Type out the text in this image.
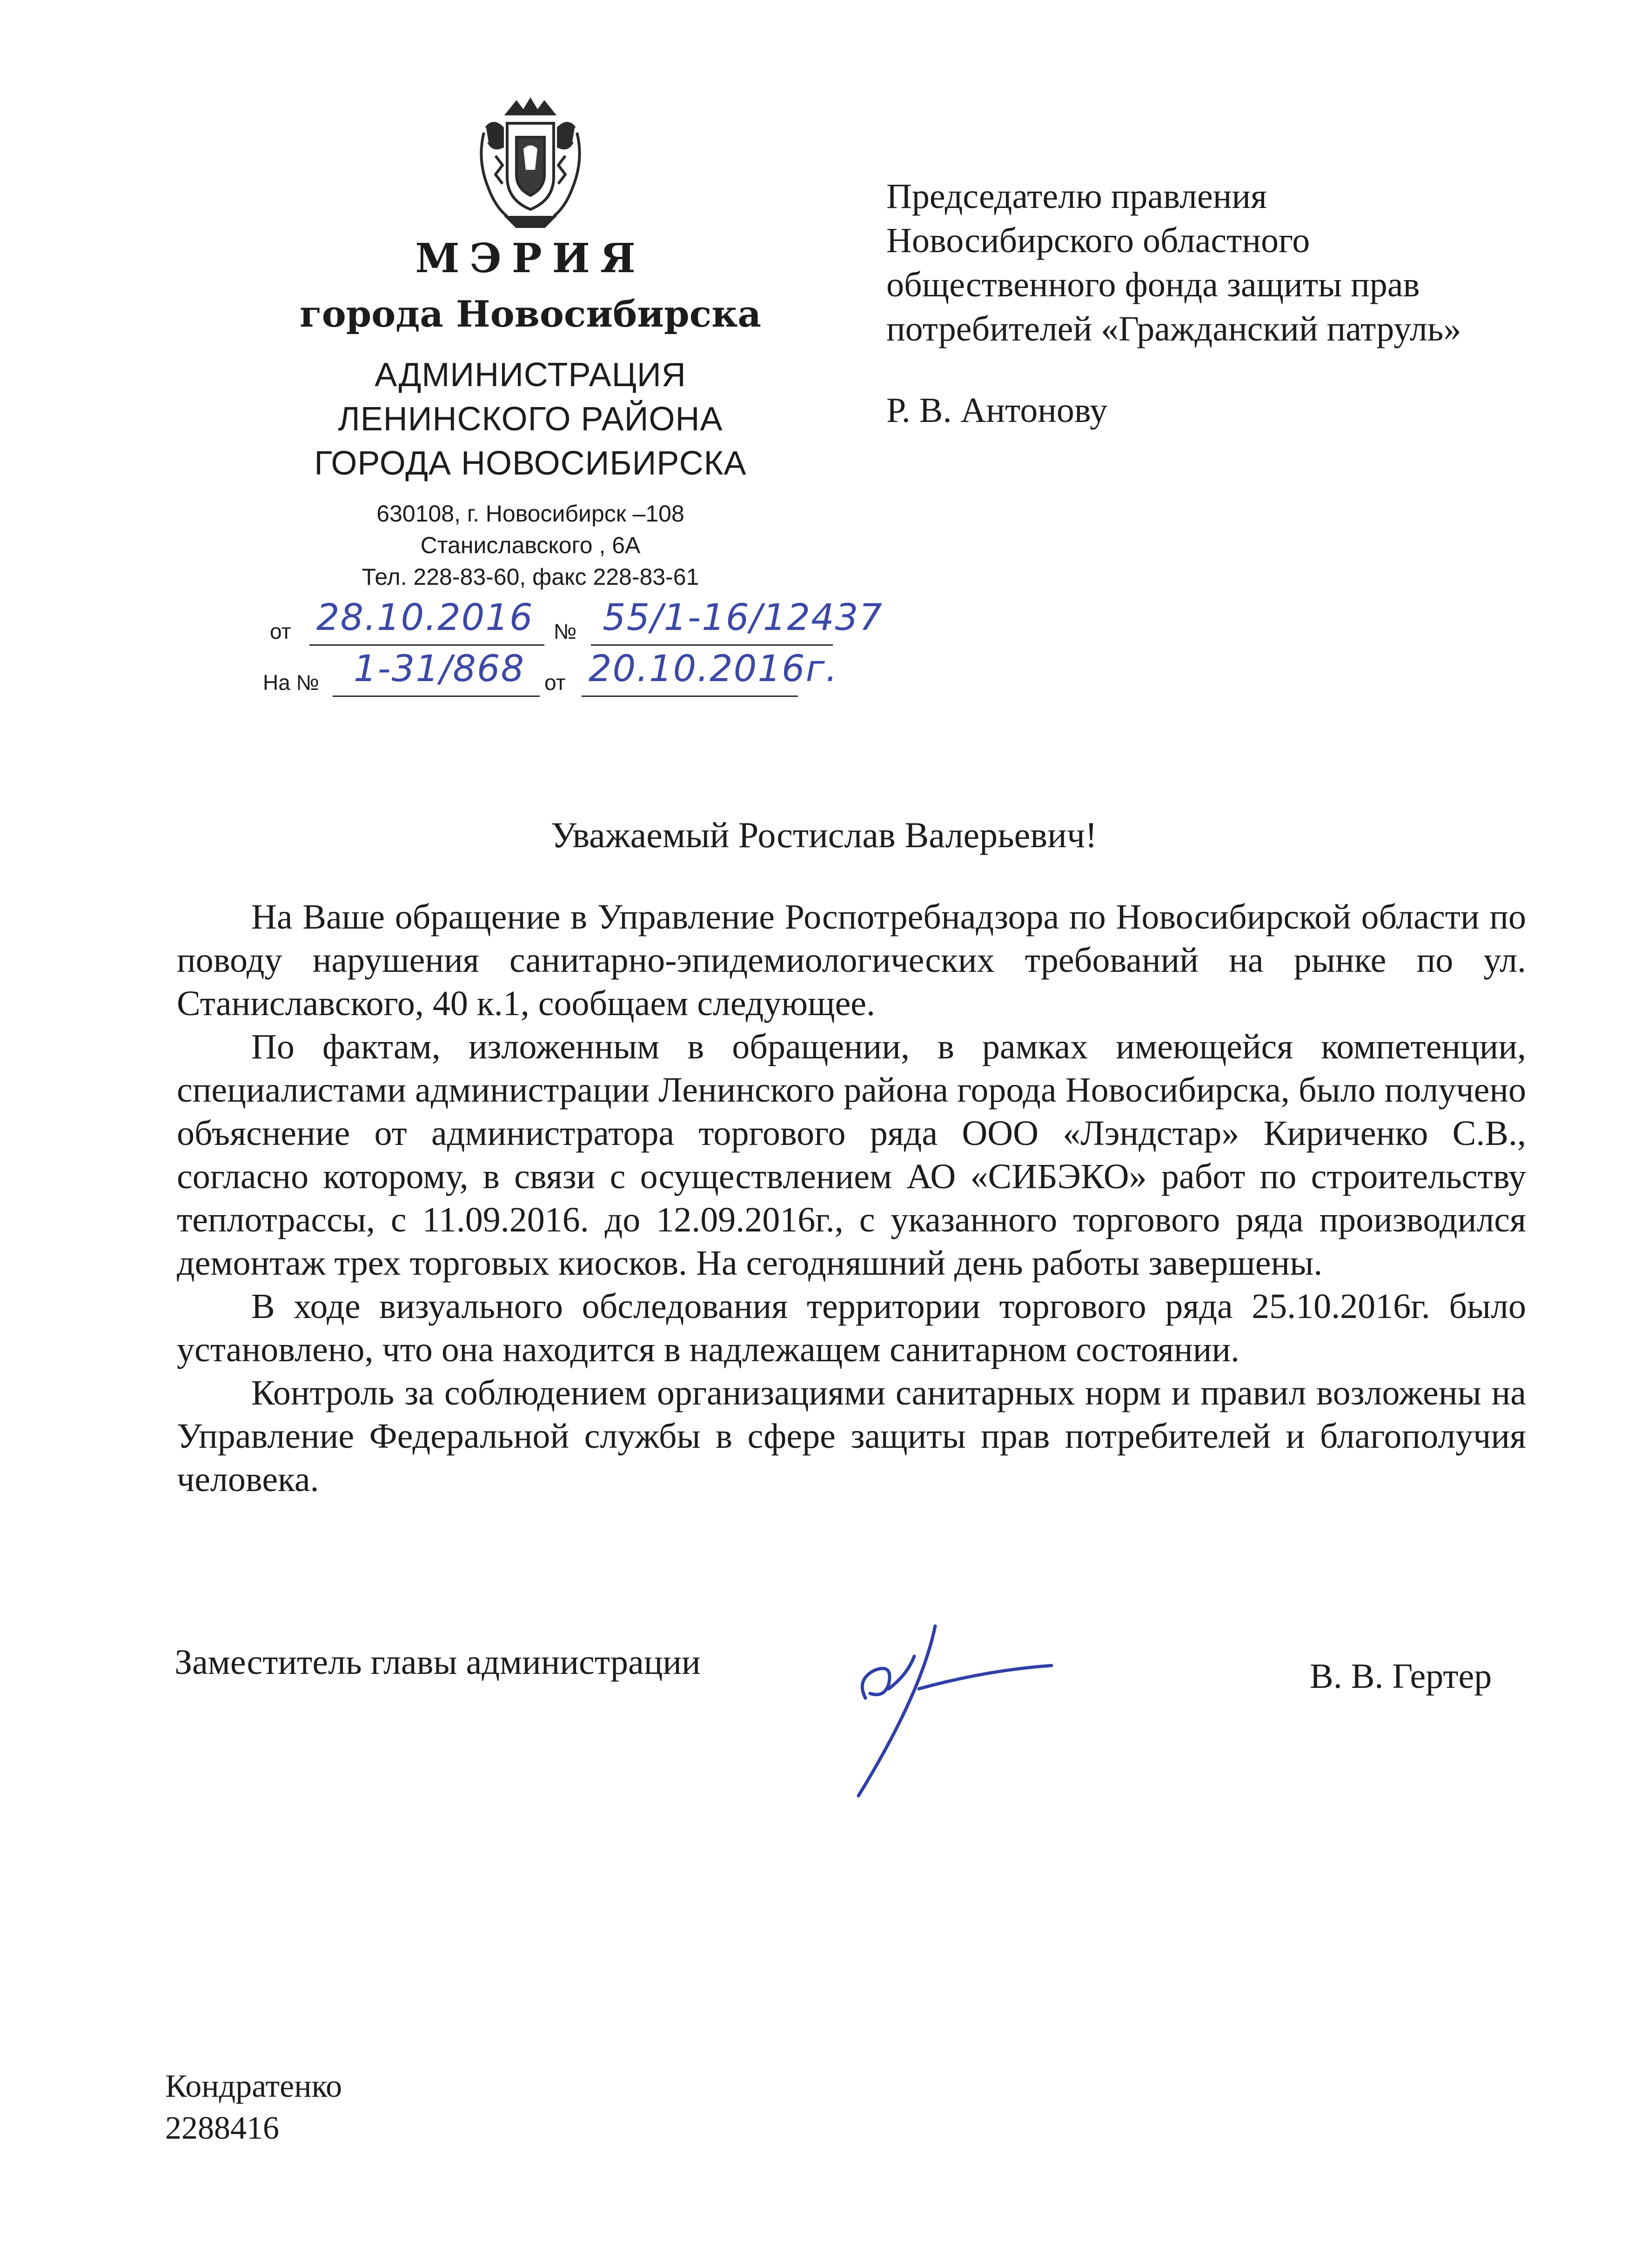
МЭРИЯ
города Новосибирска
АДМИНИСТРАЦИЯ
ЛЕНИНСКОГО РАЙОНА
ГОРОДА НОВОСИБИРСКА
630108, г. Новосибирск –108
Станиславского , 6А
Тел. 228-83-60, факс 228-83-61
от 28.10.2016 № 55/1-16/12437
На № 1-31/868 от 20.10.2016г.
Председателю правления
Новосибирского областного
общественного фонда защиты прав
потребителей «Гражданский патруль»
Р. В. Антонову
Уважаемый Ростислав Валерьевич!

На Ваше обращение в Управление Роспотребнадзора по Новосибирской области по поводу нарушения санитарно-эпидемиологических требований на рынке по ул. Станиславского, 40 к.1, сообщаем следующее.

По фактам, изложенным в обращении, в рамках имеющейся компетенции, специалистами администрации Ленинского района города Новосибирска, было получено объяснение от администратора торгового ряда ООО «Лэндстар» Кириченко С.В., согласно которому, в связи с осуществлением АО «СИБЭКО» работ по строительству теплотрассы, с 11.09.2016. до 12.09.2016г., с указанного торгового ряда производился демонтаж трех торговых киосков. На сегодняшний день работы завершены.

В ходе визуального обследования территории торгового ряда 25.10.2016г. было установлено, что она находится в надлежащем санитарном состоянии.

Контроль за соблюдением организациями санитарных норм и правил возложены на Управление Федеральной службы в сфере защиты прав потребителей и благополучия человека.

Заместитель главы администрации	В. В. Гертер
Кондратенко
2288416
